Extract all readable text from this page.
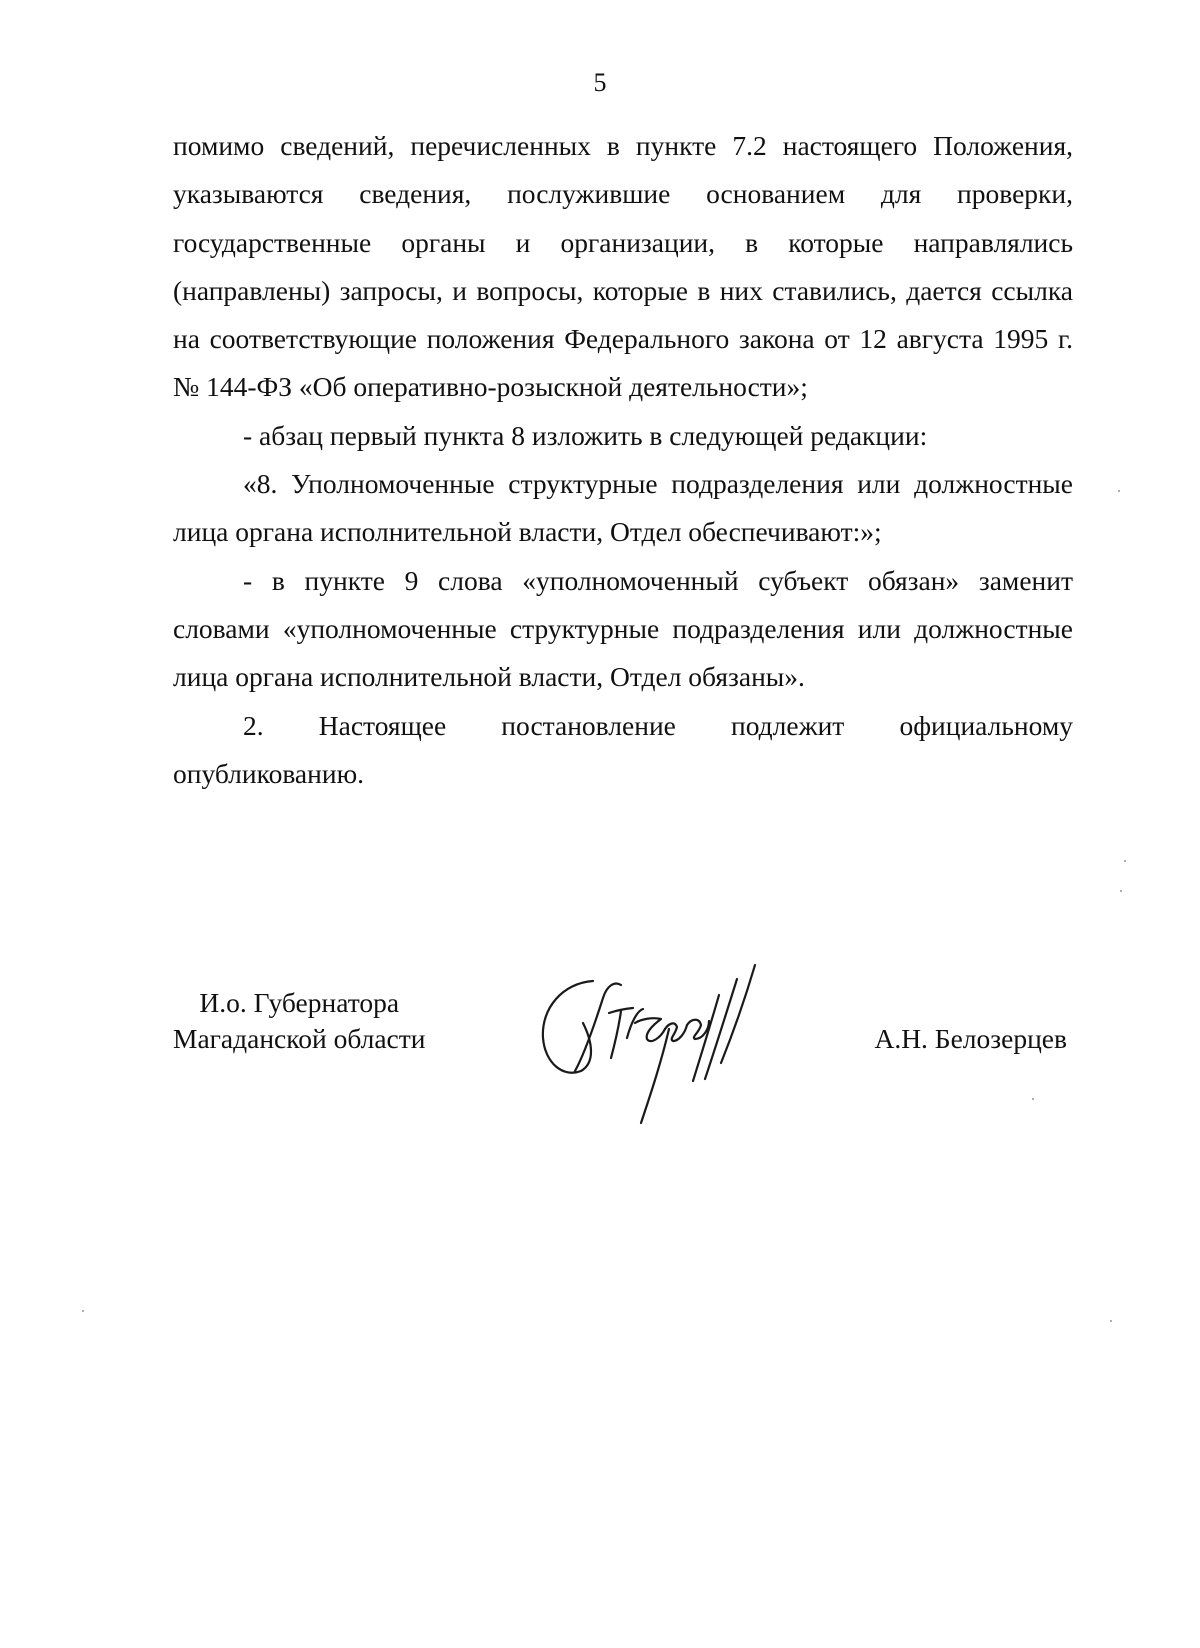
5

помимо сведений, перечисленных в пункте 7.2 настоящего Положения, указываются сведения, послужившие основанием для проверки, государственные органы и организации, в которые направлялись (направлены) запросы, и вопросы, которые в них ставились, дается ссылка на соответствующие положения Федерального закона от 12 августа 1995 г. № 144-ФЗ «Об оперативно-розыскной деятельности»;

- абзац первый пункта 8 изложить в следующей редакции:

«8. Уполномоченные структурные подразделения или должностные лица органа исполнительной власти, Отдел обеспечивают:»;

- в пункте 9 слова «уполномоченный субъект обязан» заменит словами «уполномоченные структурные подразделения или должностные лица органа исполнительной власти, Отдел обязаны».

2. Настоящее постановление подлежит официальному опубликованию.

И.о. Губернатора
Магаданской области	А.Н. Белозерцев
